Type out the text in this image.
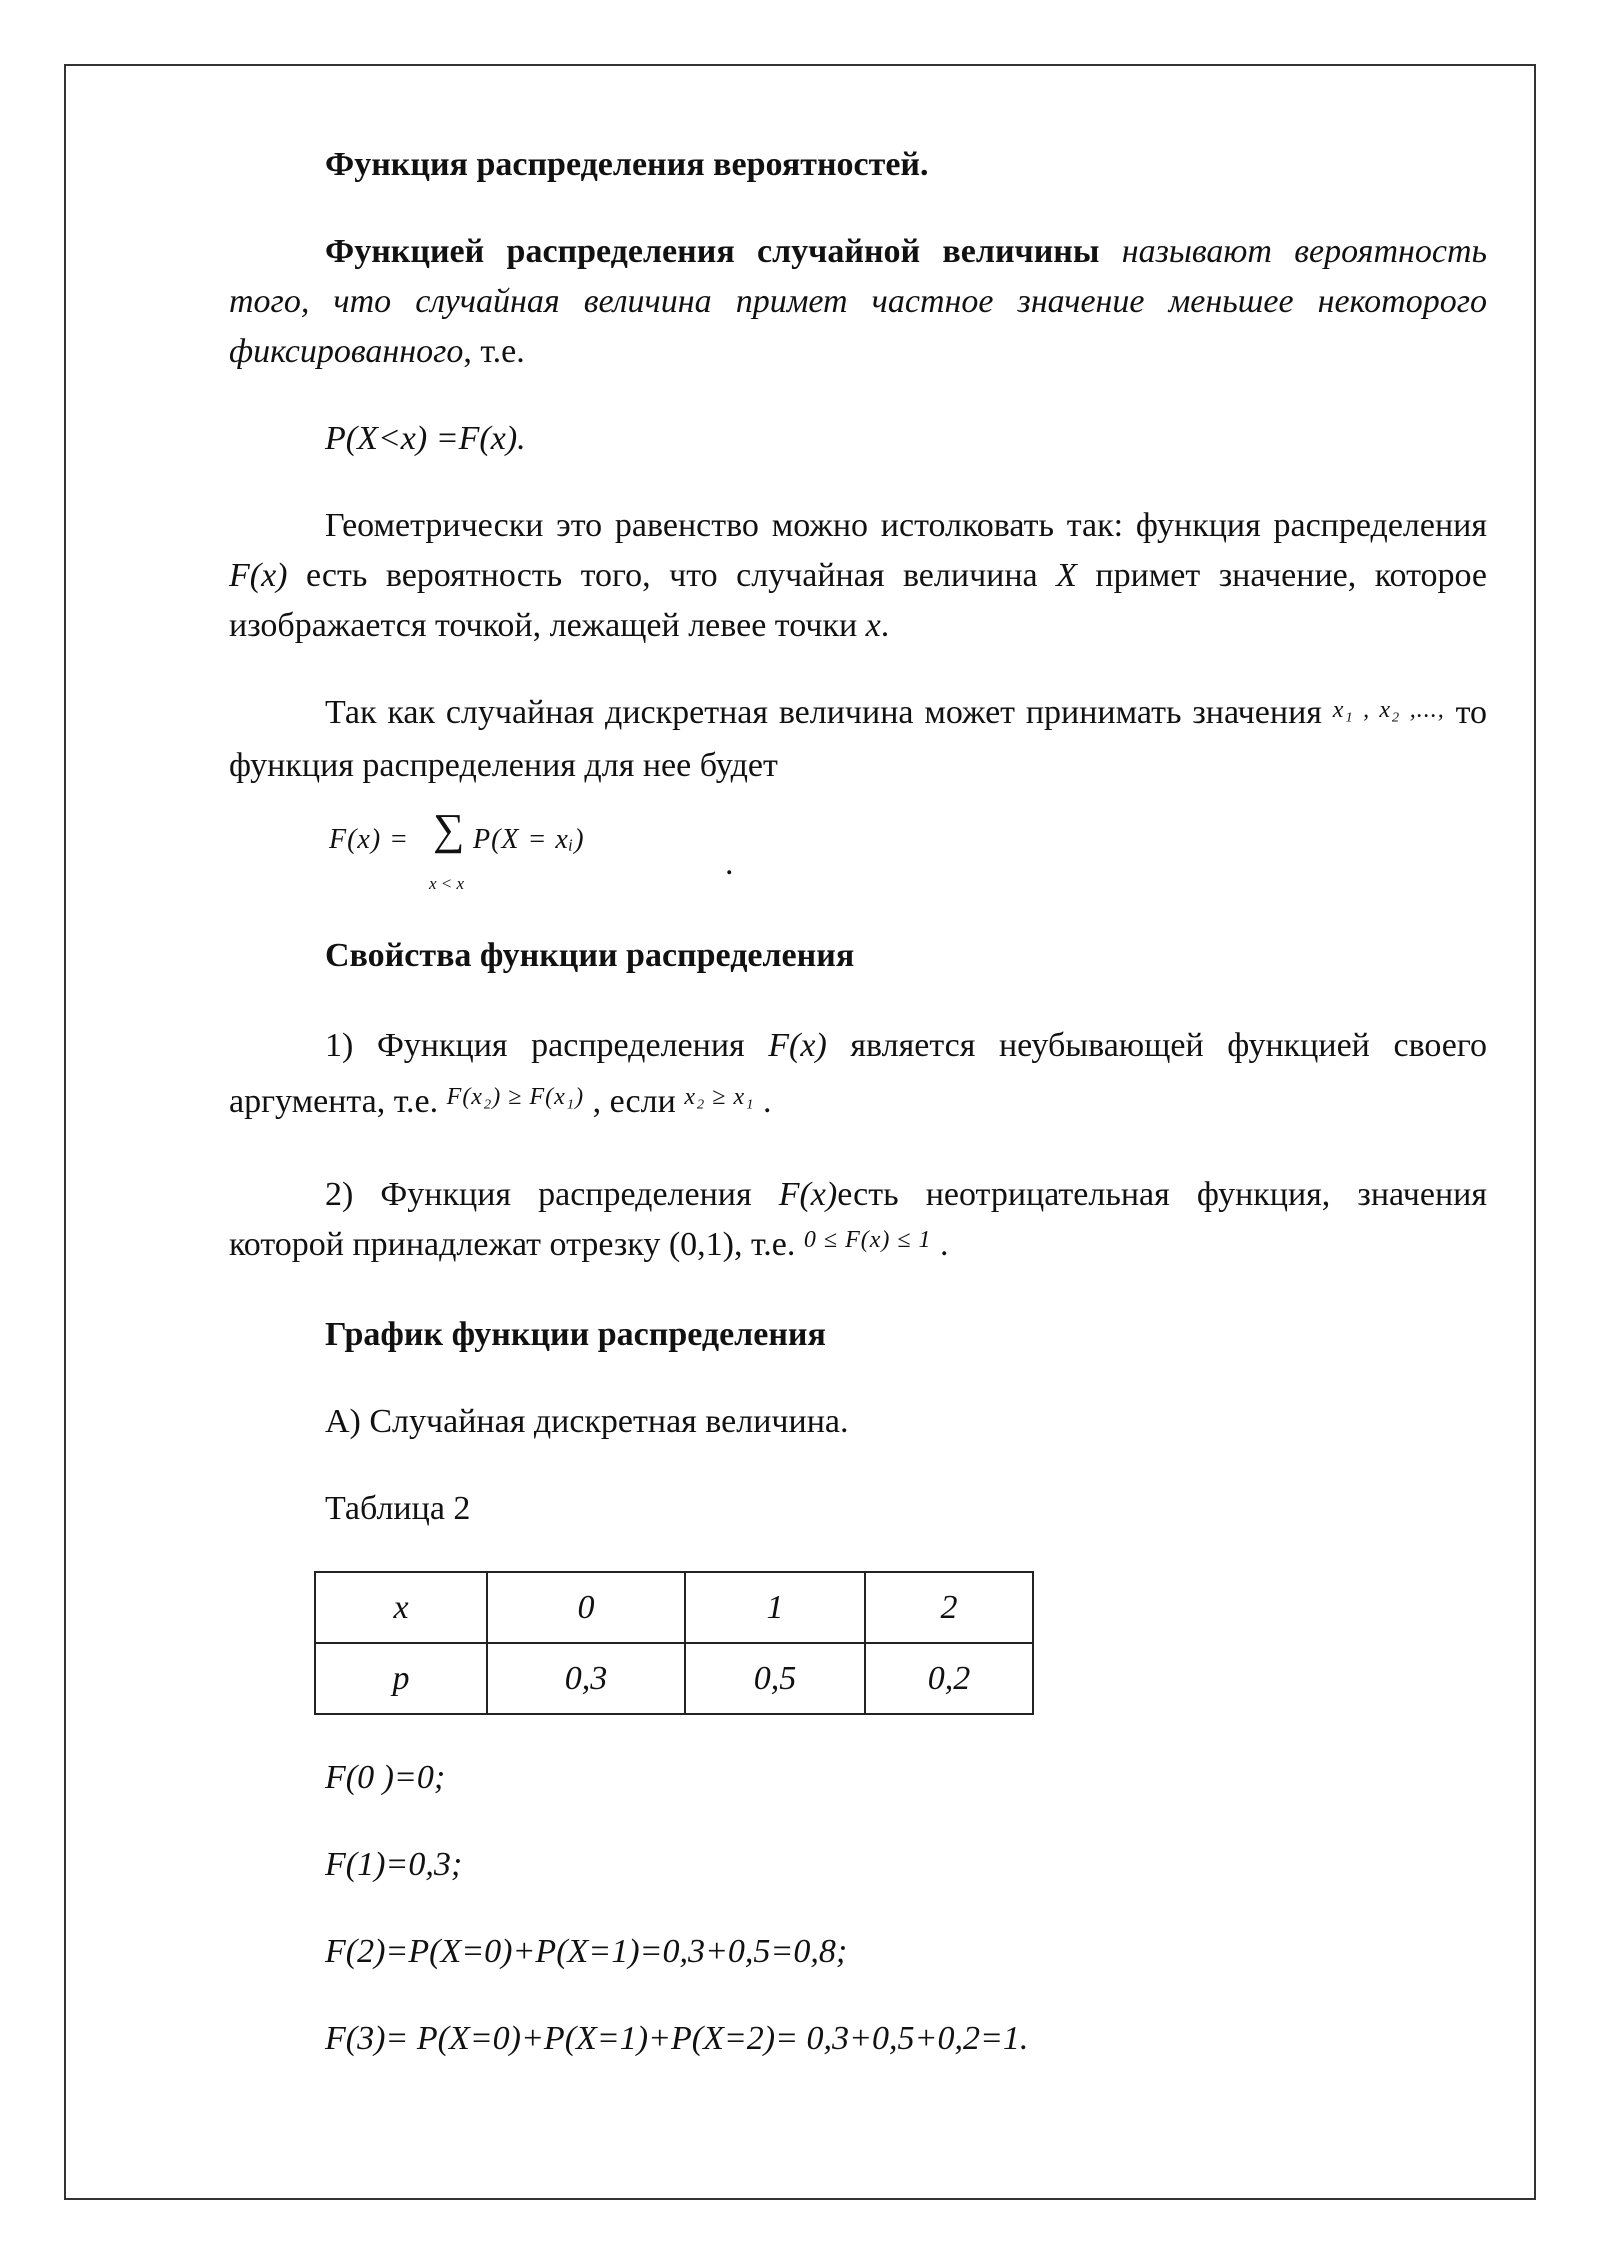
Функция распределения вероятностей.

Функцией распределения случайной величины называют вероятность того, что случайная величина примет частное значение меньшее некоторого фиксированного, т.е.

P(X<x) =F(x).

Геометрически это равенство можно истолковать так: функция распределения F(x) есть вероятность того, что случайная величина X примет значение, которое изображается точкой, лежащей левее точки x.

Так как случайная дискретная величина может принимать значения x₁ , x₂ ,..., то функция распределения для нее будет

F(x) = ∑
x < x
P(X = xᵢ)
.

Свойства функции распределения

1) Функция распределения F(x) является неубывающей функцией своего аргумента, т.е. $^{F(x_2) \ge F(x_1)}$ , если $^{x_2 \ge x_1}$ .

2) Функция распределения F(x)есть неотрицательная функция, значения которой принадлежат отрезку (0,1), т.е. $^{0 \le F(x) \le 1}$ .

График функции распределения

А) Случайная дискретная величина.

Таблица 2

x	0	1	2
p	0,3	0,5	0,2

F(0 )=0;

F(1)=0,3;

F(2)=P(X=0)+P(X=1)=0,3+0,5=0,8;

F(3)= P(X=0)+P(X=1)+P(X=2)= 0,3+0,5+0,2=1.
